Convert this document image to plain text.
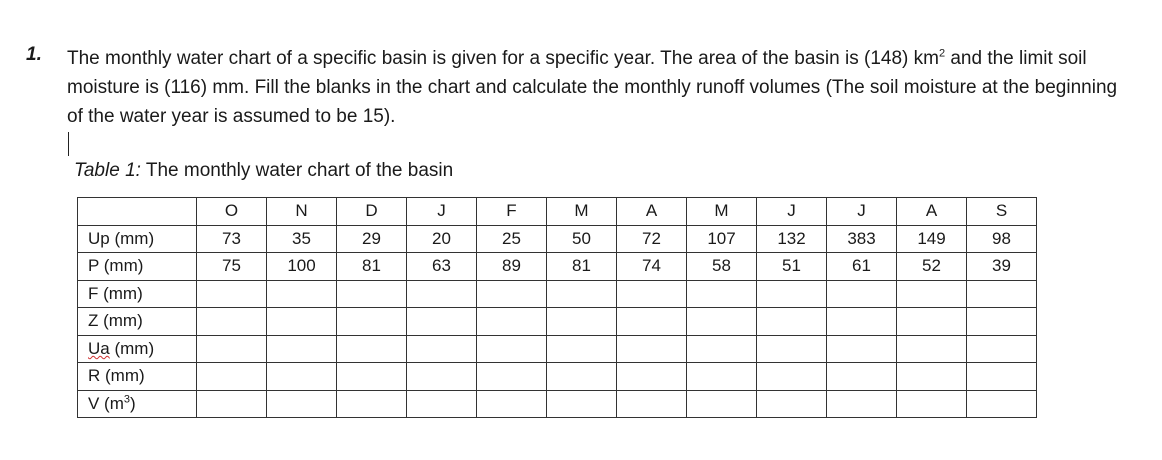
1. The monthly water chart of a specific basin is given for a specific year. The area of the basin is (148) $km^2$ and the limit soil moisture is (116) mm. Fill the blanks in the chart and calculate the monthly runoff volumes (The soil moisture at the beginning of the water year is assumed to be 15).
Table 1: The monthly water chart of the basin
	O	N	D	J	F	M	A	M	J	J	A	S
Up (mm)	73	35	29	20	25	50	72	107	132	383	149	98
P (mm)	75	100	81	63	89	81	74	58	51	61	52	39
F (mm)												
Z (mm)												
Ua (mm)												
R (mm)												
V $(m^3)$												
